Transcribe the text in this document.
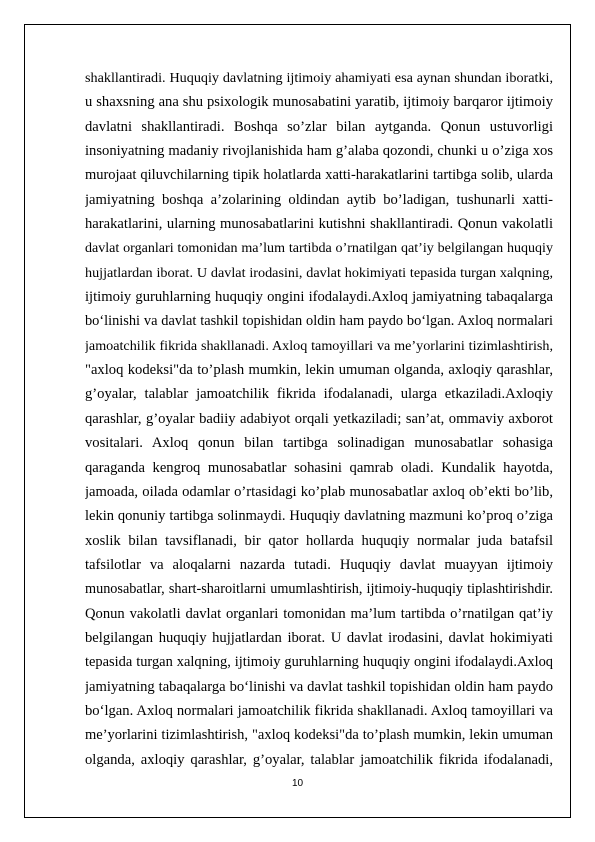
shakllantiradi. Huquqiy davlatning ijtimoiy ahamiyati esa aynan shundan iboratki,
u shaxsning ana shu psixologik munosabatini yaratib, ijtimoiy barqaror ijtimoiy
davlatni shakllantiradi. Boshqa so’zlar bilan aytganda. Qonun ustuvorligi
insoniyatning madaniy rivojlanishida ham g’alaba qozondi, chunki u o’ziga xos
murojaat qiluvchilarning tipik holatlarda xatti-harakatlarini tartibga solib, ularda
jamiyatning boshqa a’zolarining oldindan aytib bo’ladigan, tushunarli xatti-
harakatlarini, ularning munosabatlarini kutishni shakllantiradi. Qonun vakolatli
davlat organlari tomonidan ma’lum tartibda o’rnatilgan qat’iy belgilangan huquqiy
hujjatlardan iborat. U davlat irodasini, davlat hokimiyati tepasida turgan xalqning,
ijtimoiy guruhlarning huquqiy ongini ifodalaydi.Axloq jamiyatning tabaqalarga
bo‘linishi va davlat tashkil topishidan oldin ham paydo bo‘lgan. Axloq normalari
jamoatchilik fikrida shakllanadi. Axloq tamoyillari va me’yorlarini tizimlashtirish,
"axloq kodeksi"da to’plash mumkin, lekin umuman olganda, axloqiy qarashlar,
g’oyalar, talablar jamoatchilik fikrida ifodalanadi, ularga etkaziladi.Axloqiy
qarashlar, g’oyalar badiiy adabiyot orqali yetkaziladi; san’at, ommaviy axborot
vositalari. Axloq qonun bilan tartibga solinadigan munosabatlar sohasiga
qaraganda kengroq munosabatlar sohasini qamrab oladi. Kundalik hayotda,
jamoada, oilada odamlar o’rtasidagi ko’plab munosabatlar axloq ob’ekti bo’lib,
lekin qonuniy tartibga solinmaydi. Huquqiy davlatning mazmuni ko’proq o’ziga
xoslik bilan tavsiflanadi, bir qator hollarda huquqiy normalar juda batafsil
tafsilotlar va aloqalarni nazarda tutadi. Huquqiy davlat muayyan ijtimoiy
munosabatlar, shart-sharoitlarni umumlashtirish, ijtimoiy-huquqiy tiplashtirishdir.
Qonun vakolatli davlat organlari tomonidan ma’lum tartibda o’rnatilgan qat’iy
belgilangan huquqiy hujjatlardan iborat. U davlat irodasini, davlat hokimiyati
tepasida turgan xalqning, ijtimoiy guruhlarning huquqiy ongini ifodalaydi.Axloq
jamiyatning tabaqalarga bo‘linishi va davlat tashkil topishidan oldin ham paydo
bo‘lgan. Axloq normalari jamoatchilik fikrida shakllanadi. Axloq tamoyillari va
me’yorlarini tizimlashtirish, "axloq kodeksi"da to’plash mumkin, lekin umuman
olganda, axloqiy qarashlar, g’oyalar, talablar jamoatchilik fikrida ifodalanadi,
10
